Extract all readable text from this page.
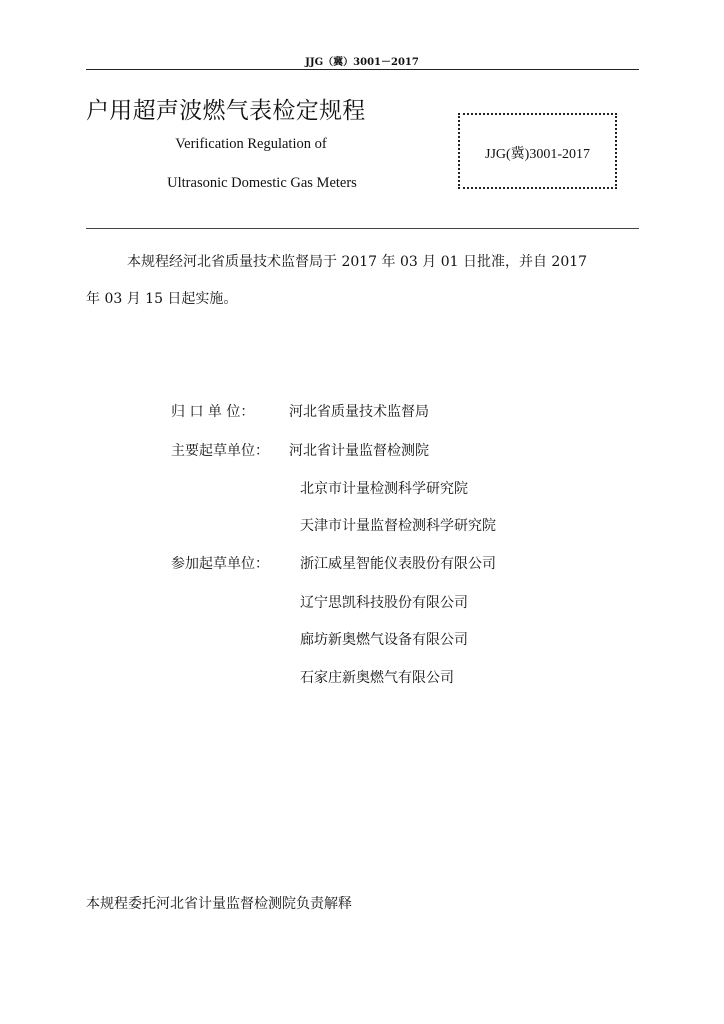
JJG（冀）3001－2017
户用超声波燃气表检定规程
Verification Regulation of
Ultrasonic Domestic Gas Meters
JJG(冀)3001-2017
本规程经河北省质量技术监督局于 2017 年 03 月 01 日批准，并自 2017
年 03 月 15 日起实施。
归 口 单 位： 河北省质量技术监督局
主要起草单位： 河北省计量监督检测院
北京市计量检测科学研究院
天津市计量监督检测科学研究院
参加起草单位： 浙江威星智能仪表股份有限公司
辽宁思凯科技股份有限公司
廊坊新奥燃气设备有限公司
石家庄新奥燃气有限公司
本规程委托河北省计量监督检测院负责解释
